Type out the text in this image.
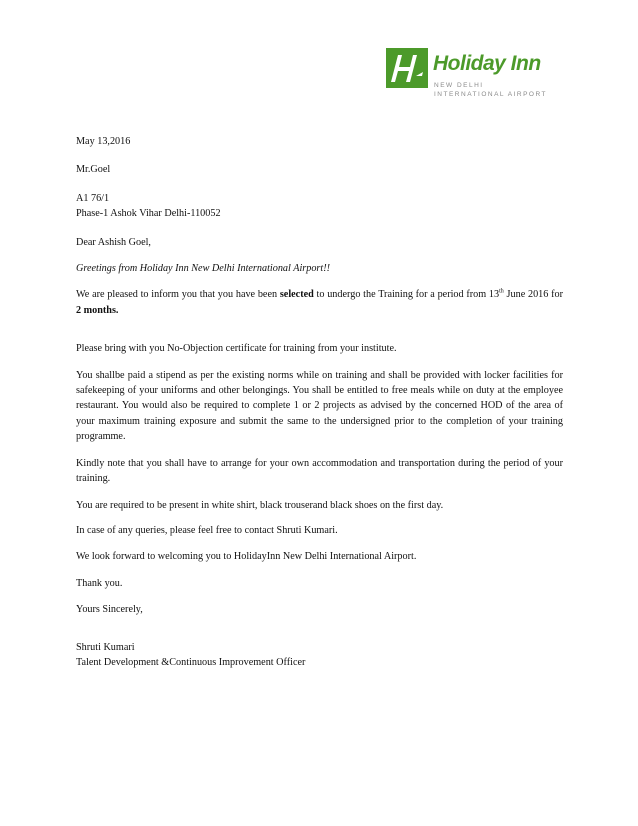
Holiday Inn
NEW DELHI
INTERNATIONAL AIRPORT

May 13,2016

Mr.Goel

A1 76/1

Phase-1 Ashok Vihar Delhi-110052

Dear Ashish Goel,

Greetings from Holiday Inn New Delhi International Airport!!

We are pleased to inform you that you have been selected to undergo the Training for a period from 13th June 2016 for 2 months.

Please bring with you No-Objection certificate for training from your institute.

You shallbe paid a stipend as per the existing norms while on training and shall be provided with locker facilities for safekeeping of your uniforms and other belongings. You shall be entitled to free meals while on duty at the employee restaurant. You would also be required to complete 1 or 2 projects as advised by the concerned HOD of the area of your maximum training exposure and submit the same to the undersigned prior to the completion of your training programme.

Kindly note that you shall have to arrange for your own accommodation and transportation during the period of your training.

You are required to be present in white shirt, black trouserand black shoes on the first day.

In case of any queries, please feel free to contact Shruti Kumari.

We look forward to welcoming you to HolidayInn New Delhi International Airport.

Thank you.

Yours Sincerely,

Shruti Kumari

Talent Development &Continuous Improvement Officer
